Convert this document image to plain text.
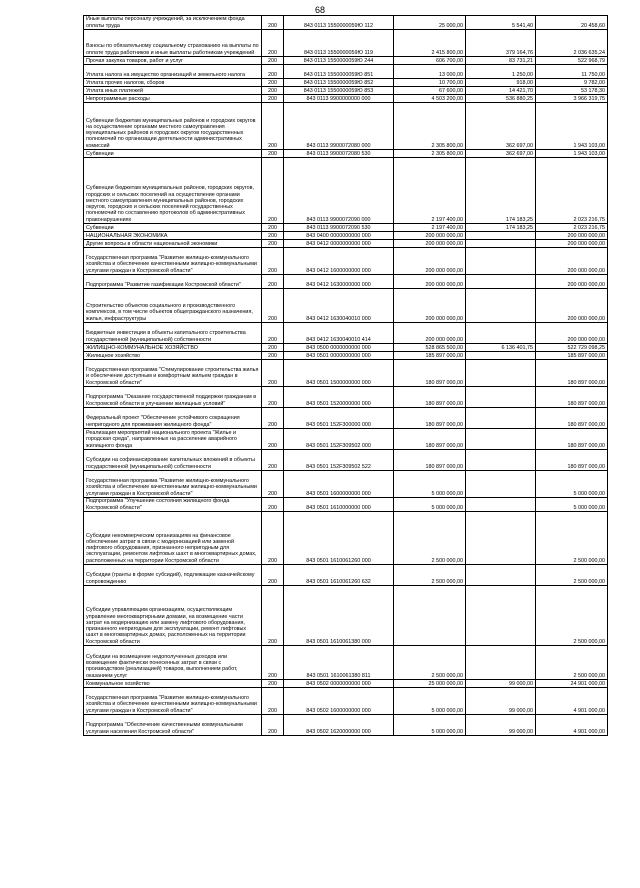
68
Иные выплаты персоналу учреждений, за исключением фонда оплаты труда	200	843 0113 1550000059Ю 112	25 000,00	5 541,40	20 458,60
Взносы по обязательному социальному страхованию на выплаты по оплате труда работников и иные выплаты работникам учреждений	200	843 0113 1550000059Ю 119	2 415 800,00	379 164,76	2 036 635,24
Прочая закупка товаров, работ и услуг	200	843 0113 1550000059Ю 244	606 700,00	83 731,21	522 968,79
Уплата налога на имущество организаций и земельного налога	200	843 0113 1550000059Ю 851	13 000,00	1 250,00	11 750,00
Уплата прочих налогов, сборов	200	843 0113 1550000059Ю 852	10 700,00	918,00	9 782,00
Уплата иных платежей	200	843 0113 1550000059Ю 853	67 600,00	14 421,70	53 178,30
Непрограммные расходы	200	843 0113 9900000000 000	4 503 200,00	536 880,25	3 966 319,75
Субвенции бюджетам муниципальных районов и городских округов на осуществление органами местного самоуправления муниципальных районов и городских округов государственных полномочий по организации деятельности административных комиссий	200	843 0113 9900072080 000	2 305 800,00	362 697,00	1 943 103,00
Субвенции	200	843 0113 9900072080 530	2 305 800,00	362 697,00	1 943 103,00
Субвенции бюджетам муниципальных районов, городских округов, городских и сельских поселений на осуществление органами местного самоуправления муниципальных районов, городских округов, городских и сельских поселений государственных полномочий по составлению протоколов об административных правонарушениях	200	843 0113 9900072090 000	2 197 400,00	174 183,25	2 023 216,75
Субвенции	200	843 0113 9900072090 530	2 197 400,00	174 183,25	2 023 216,75
НАЦИОНАЛЬНАЯ ЭКОНОМИКА	200	843 0400 0000000000 000	200 000 000,00		200 000 000,00
Другие вопросы в области национальной экономики	200	843 0412 0000000000 000	200 000 000,00		200 000 000,00
Государственная программа "Развитие жилищно-коммунального хозяйства и обеспечение качественными жилищно-коммунальными услугами граждан в Костромской области"	200	843 0412 1600000000 000	200 000 000,00		200 000 000,00
Подпрограмма "Развитие газификации Костромской области"	200	843 0412 1630000000 000	200 000 000,00		200 000 000,00
Строительство объектов социального и производственного комплексов, в том числе объектов общегражданского назначения, жилья, инфраструктуры	200	843 0412 1630040010 000	200 000 000,00		200 000 000,00
Бюджетные инвестиции в объекты капитального строительства государственной (муниципальной) собственности	200	843 0412 1630040010 414	200 000 000,00		200 000 000,00
ЖИЛИЩНО-КОММУНАЛЬНОЕ ХОЗЯЙСТВО	200	843 0500 0000000000 000	528 865 500,00	6 136 401,75	522 729 098,25
Жилищное хозяйство	200	843 0501 0000000000 000	185 897 000,00		185 897 000,00
Государственная программа "Стимулирование строительства жилья и обеспечение доступным и комфортным жильем граждан в Костромской области"	200	843 0501 1500000000 000	180 897 000,00		180 897 000,00
Подпрограмма "Оказание государственной поддержки гражданам в Костромской области в улучшении жилищных условий"	200	843 0501 1520000000 000	180 897 000,00		180 897 000,00
Федеральный проект "Обеспечение устойчивого сокращения непригодного для проживания жилищного фонда"	200	843 0501 152F300000 000	180 897 000,00		180 897 000,00
Реализация мероприятий национального проекта "Жилье и городская среда", направленных на расселение аварийного жилищного фонда	200	843 0501 152F309502 000	180 897 000,00		180 897 000,00
Субсидии на софинансирование капитальных вложений в объекты государственной (муниципальной) собственности	200	843 0501 152F309502 522	180 897 000,00		180 897 000,00
Государственная программа "Развитие жилищно-коммунального хозяйства и обеспечение качественными жилищно-коммунальными услугами граждан в Костромской области"	200	843 0501 1600000000 000	5 000 000,00		5 000 000,00
Подпрограмма "Улучшение состояния жилищного фонда Костромской области"	200	843 0501 1610000000 000	5 000 000,00		5 000 000,00
Субсидии некоммерческим организациям на финансовое обеспечение затрат в связи с модернизацией или заменой лифтового оборудования, признанного непригодным для эксплуатации, ремонтом лифтовых шахт в многоквартирных домах, расположенных на территории Костромской области	200	843 0501 1610061260 000	2 500 000,00		2 500 000,00
Субсидии (гранты в форме субсидий), подлежащие казначейскому сопровождению	200	843 0501 1610061260 632	2 500 000,00		2 500 000,00
Субсидии управляющим организациям, осуществляющим управление многоквартирными домами, на возмещение части затрат на модернизацию или замену лифтового оборудования, признанного непригодным для эксплуатации, ремонт лифтовых шахт в многоквартирных домах, расположенных на территории Костромской области	200	843 0501 1610061380 000			2 500 000,00
Субсидии на возмещение недополученных доходов или возмещение фактически понесенных затрат в связи с производством (реализацией) товаров, выполнением работ, оказанием услуг	200	843 0501 1610061380 811	2 500 000,00		2 500 000,00
Коммунальное хозяйство	200	843 0502 0000000000 000	25 000 000,00	99 000,00	24 901 000,00
Государственная программа "Развитие жилищно-коммунального хозяйства и обеспечение качественными жилищно-коммунальными услугами граждан в Костромской области"	200	843 0502 1600000000 000	5 000 000,00	99 000,00	4 901 000,00
Подпрограмма "Обеспечение качественными коммунальными услугами населения Костромской области"	200	843 0502 1620000000 000	5 000 000,00	99 000,00	4 901 000,00
